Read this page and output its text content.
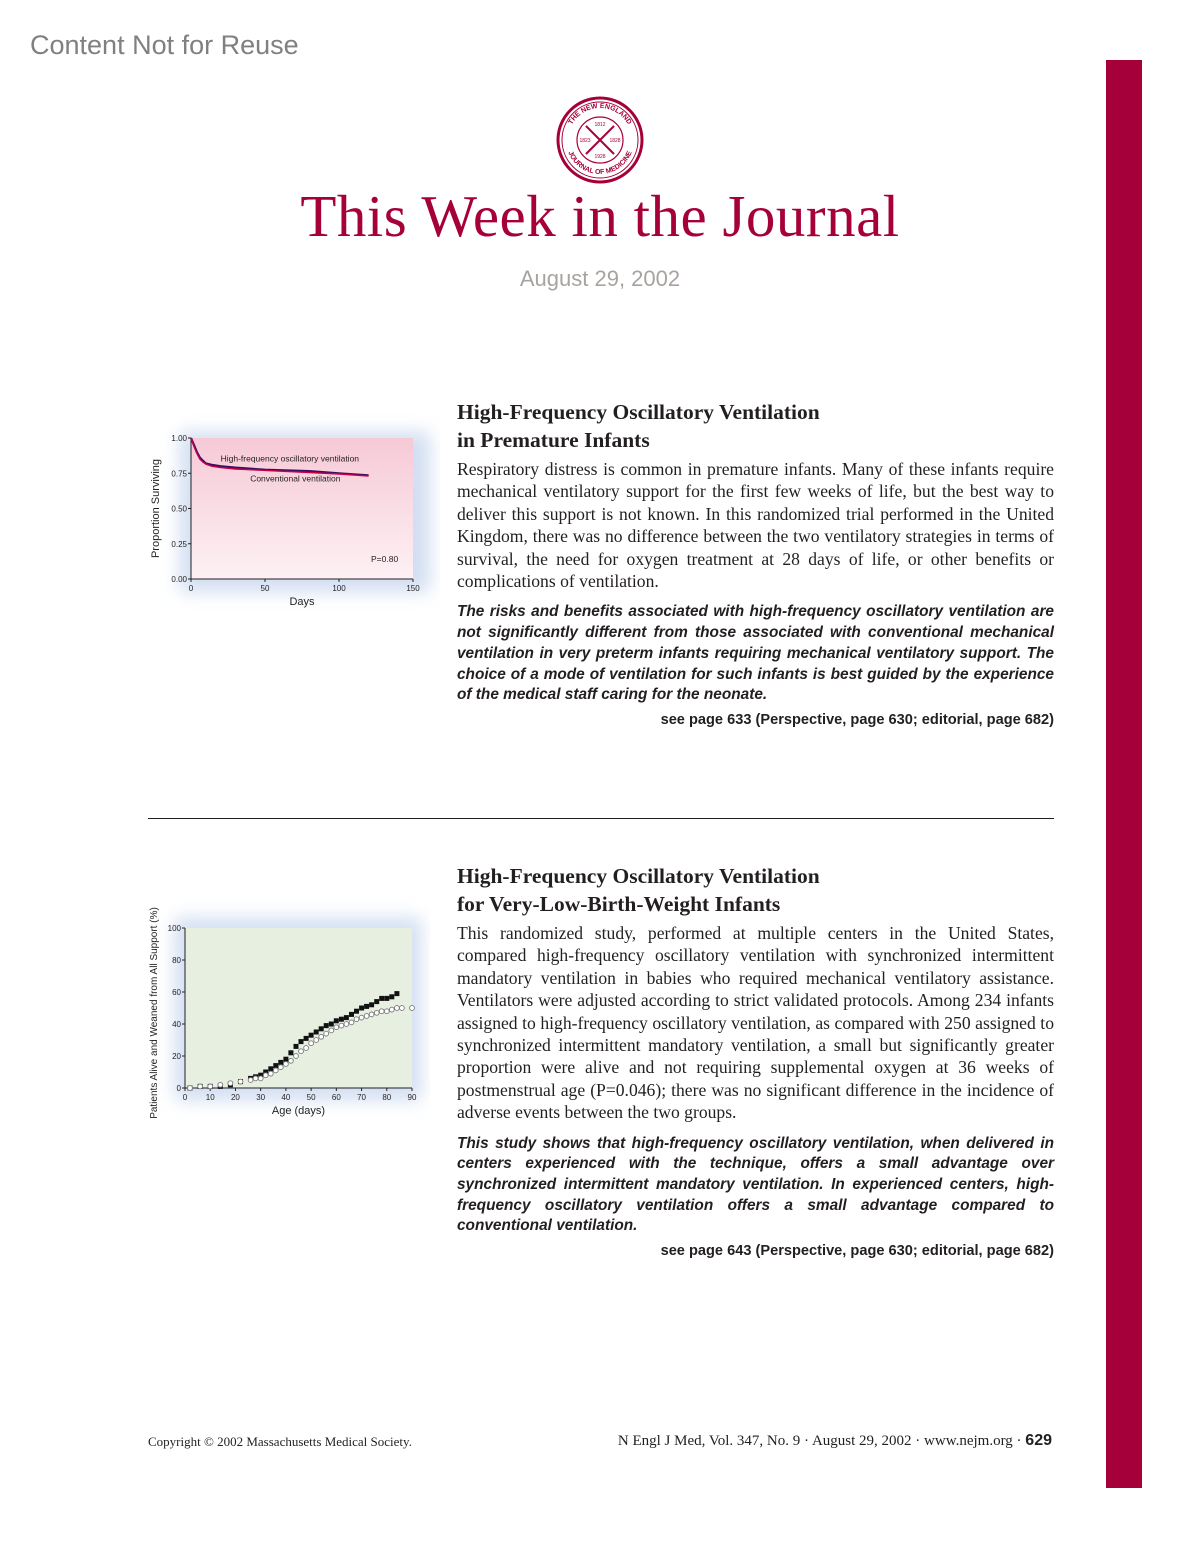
Content Not for Reuse
THE NEW ENGLAND
JOURNAL OF MEDICINE
1812
1823	1828
1928
This Week in the Journal
August 29, 2002
0	50	100	150
0.00
0.25
0.50
0.75
1.00
Days
Proportion Surviving
High-frequency oscillatory ventilation
Conventional ventilation
P=0.80
High-Frequency Oscillatory Ventilation
in Premature Infants

Respiratory distress is common in premature infants. Many of these infants require mechanical ventilatory support for the first few weeks of life, but the best way to deliver this support is not known. In this randomized trial performed in the United Kingdom, there was no difference between the two ventilatory strategies in terms of survival, the need for oxygen treatment at 28 days of life, or other benefits or complications of ventilation.

The risks and benefits associated with high-frequency oscillatory ventilation are not significantly different from those associated with conventional mechanical ventilation in very preterm infants requiring mechanical ventilatory support. The choice of a mode of ventilation for such infants is best guided by the experience of the medical staff caring for the neonate.

see page 633 (Perspective, page 630; editorial, page 682)

0 10 20 30 40 50 60 70 80 90
0
20
40
60
80
100
Age (days)
Patients Alive and Weaned from All Support (%)
High-Frequency Oscillatory Ventilation
for Very-Low-Birth-Weight Infants

This randomized study, performed at multiple centers in the United States, compared high-frequency oscillatory ventilation with synchronized intermittent mandatory ventilation in babies who required mechanical ventilatory assistance. Ventilators were adjusted according to strict validated protocols. Among 234 infants assigned to high-frequency oscillatory ventilation, as compared with 250 assigned to synchronized intermittent mandatory ventilation, a small but significantly greater proportion were alive and not requiring supplemental oxygen at 36 weeks of postmenstrual age (P=0.046); there was no significant difference in the incidence of adverse events between the two groups.

This study shows that high-frequency oscillatory ventilation, when delivered in centers experienced with the technique, offers a small advantage over synchronized intermittent mandatory ventilation. In experienced centers, high-frequency oscillatory ventilation offers a small advantage compared to conventional ventilation.

see page 643 (Perspective, page 630; editorial, page 682)

Copyright © 2002 Massachusetts Medical Society.	N Engl J Med, Vol. 347, No. 9 · August 29, 2002 · www.nejm.org · 629
